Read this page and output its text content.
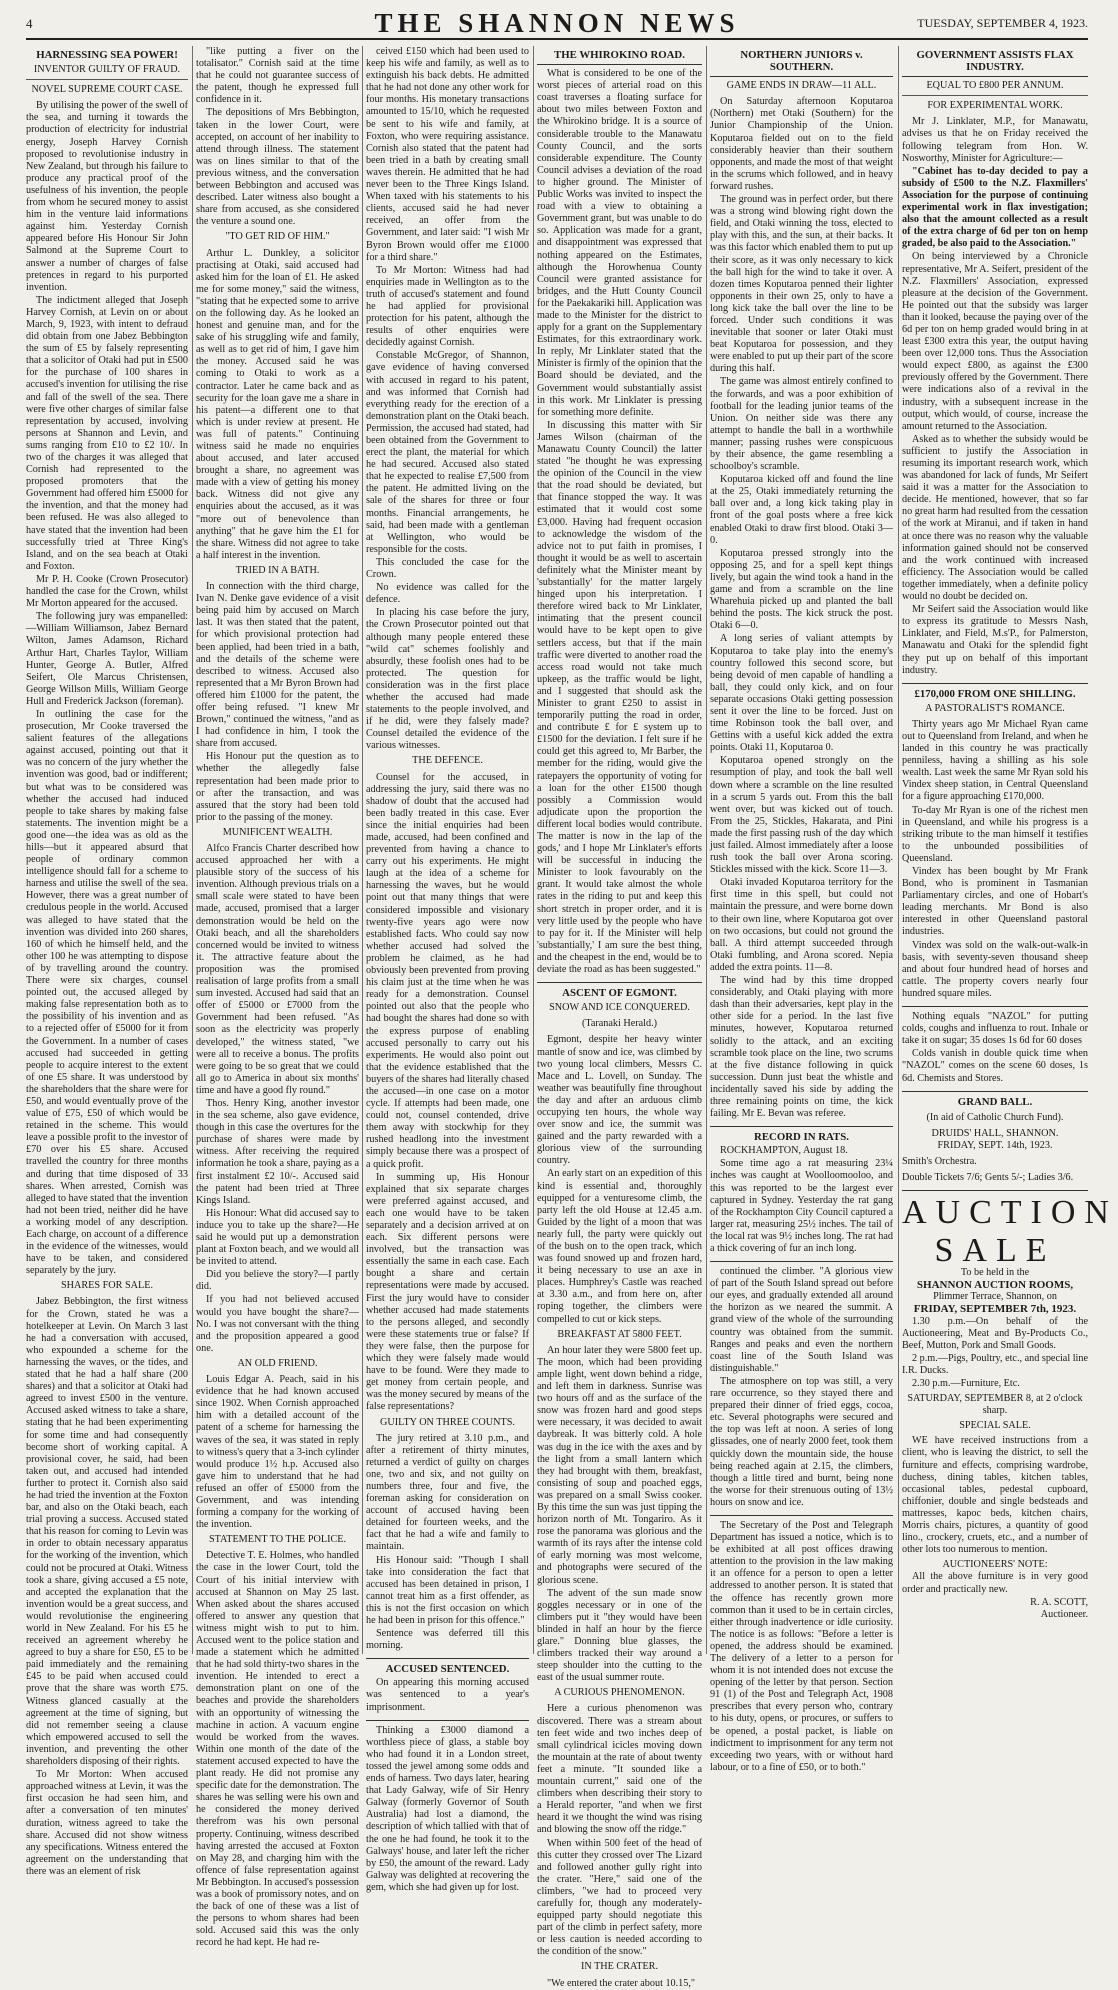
4	THE SHANNON NEWS	TUESDAY, SEPTEMBER 4, 1923.
HARNESSING SEA POWER!
INVENTOR GUILTY OF FRAUD.
NOVEL SUPREME COURT CASE.

By utilising the power of the swell of the sea, and turning it towards the production of electricity for industrial energy, Joseph Harvey Cornish proposed to revolutionise industry in New Zealand, but through his failure to produce any practical proof of the usefulness of his invention, the people from whom he secured money to assist him in the venture laid informations against him. Yesterday Cornish appeared before His Honour Sir John Salmond at the Supreme Court to answer a number of charges of false pretences in regard to his purported invention.

The indictment alleged that Joseph Harvey Cornish, at Levin on or about March, 9, 1923, with intent to defraud did obtain from one Jabez Bebbington the sum of £5 by falsely representing that a solicitor of Otaki had put in £500 for the purchase of 100 shares in accused's invention for utilising the rise and fall of the swell of the sea. There were five other charges of similar false representation by accused, involving persons at Shannon and Levin, and sums ranging from £10 to £2 10/. In two of the charges it was alleged that Cornish had represented to the proposed promoters that the Government had offered him £5000 for the invention, and that the money had been refused. He was also alleged to have stated that the invention had been successfully tried at Three King's Island, and on the sea beach at Otaki and Foxton.

Mr P. H. Cooke (Crown Prosecutor) handled the case for the Crown, whilst Mr Morton appeared for the accused.

The following jury was empanelled:—William Williamson, Jabez Bernard Wilton, James Adamson, Richard Arthur Hart, Charles Taylor, William Hunter, George A. Butler, Alfred Seifert, Ole Marcus Christensen, George Willson Mills, William George Hull and Frederick Jackson (foreman).

In outlining the case for the prosecution, Mr Cooke traversed the salient features of the allegations against accused, pointing out that it was no concern of the jury whether the invention was good, bad or indifferent; but what was to be considered was whether the accused had induced people to take shares by making false statements. The invention might be a good one—the idea was as old as the hills—but it appeared absurd that people of ordinary common intelligence should fall for a scheme to harness and utilise the swell of the sea. However, there was a great number of credulous people in the world. Accused was alleged to have stated that the invention was divided into 260 shares, 160 of which he himself held, and the other 100 he was attempting to dispose of by travelling around the country. There were six charges, counsel pointed out, the accused alleged by making false representation both as to the possibility of his invention and as to a rejected offer of £5000 for it from the Government. In a number of cases accused had succeeded in getting people to acquire interest to the extent of one £5 share. It was understood by the shareholders that the share were for £50, and would eventually prove of the value of £75, £50 of which would be retained in the scheme. This would leave a possible profit to the investor of £70 over his £5 share. Accused travelled the country for three months and during that time disposed of 33 shares. When arrested, Cornish was alleged to have stated that the invention had not been tried, neither did he have a working model of any description. Each charge, on account of a difference in the evidence of the witnesses, would have to be taken, and considered separately by the jury.

SHARES FOR SALE.

Jabez Bebbington, the first witness for the Crown, stated he was a hotelkeeper at Levin. On March 3 last he had a conversation with accused, who expounded a scheme for the harnessing the waves, or the tides, and stated that he had a half share (200 shares) and that a solicitor at Otaki had agreed to invest £500 in the venture. Accused asked witness to take a share, stating that he had been experimenting for some time and had consequently become short of working capital. A provisional cover, he said, had been taken out, and accused had intended further to protect it. Cornish also said he had tried the invention at the Foxton bar, and also on the Otaki beach, each trial proving a success. Accused stated that his reason for coming to Levin was in order to obtain necessary apparatus for the working of the invention, which could not be procured at Otaki. Witness took a share, giving accused a £5 note, and accepted the explanation that the invention would be a great success, and would revolutionise the engineering world in New Zealand. For his £5 he received an agreement whereby he agreed to buy a share for £50, £5 to be paid immediately and the remaining £45 to be paid when accused could prove that the share was worth £75. Witness glanced casually at the agreement at the time of signing, but did not remember seeing a clause which empowered accused to sell the invention, and preventing the other shareholders disposing of their rights.

To Mr Morton: When accused approached witness at Levin, it was the first occasion he had seen him, and after a conversation of ten minutes' duration, witness agreed to take the share. Accused did not show witness any specifications. Witness entered the agreement on the understanding that there was an element of risk

"like putting a fiver on the totalisator." Cornish said at the time that he could not guarantee success of the patent, though he expressed full confidence in it.

The depositions of Mrs Bebbington, taken in the lower Court, were accepted, on account of her inability to attend through illness. The statement was on lines similar to that of the previous witness, and the conversation between Bebbington and accused was described. Later witness also bought a share from accused, as she considered the venture a sound one.

"TO GET RID OF HIM."

Arthur L. Dunkley, a solicitor practising at Otaki, said accused had asked him for the loan of £1. He asked me for some money," said the witness, "stating that he expected some to arrive on the following day. As he looked an honest and genuine man, and for the sake of his struggling wife and family, as well as to get rid of him, I gave him the money. Accused said he was coming to Otaki to work as a contractor. Later he came back and as security for the loan gave me a share in his patent—a different one to that which is under review at present. He was full of patents." Continuing witness said he made no enquiries about accused, and later accused brought a share, no agreement was made with a view of getting his money back. Witness did not give any enquiries about the accused, as it was "more out of benevolence than anything" that he gave him the £1 for the share. Witness did not agree to take a half interest in the invention.

TRIED IN A BATH.

In connection with the third charge, Ivan N. Denke gave evidence of a visit being paid him by accused on March last. It was then stated that the patent, for which provisional protection had been applied, had been tried in a bath, and the details of the scheme were described to witness. Accused also represented that a Mr Byron Brown had offered him £1000 for the patent, the offer being refused. "I knew Mr Brown," continued the witness, "and as I had confidence in him, I took the share from accused.

His Honour put the question as to whether the allegedly false representation had been made prior to or after the transaction, and was assured that the story had been told prior to the passing of the money.

MUNIFICENT WEALTH.

Alfco Francis Charter described how accused approached her with a plausible story of the success of his invention. Although previous trials on a small scale were stated to have been made, accused, promised that a larger demonstration would be held on the Otaki beach, and all the shareholders concerned would be invited to witness it. The attractive feature about the proposition was the promised realisation of large profits from a small sum invested. Accused had said that an offer of £5000 or £7000 from the Government had been refused. "As soon as the electricity was properly developed," the witness stated, "we were all to receive a bonus. The profits were going to be so great that we could all go to America in about six months' time and have a good fly round."

Thos. Henry King, another investor in the sea scheme, also gave evidence, though in this case the overtures for the purchase of shares were made by witness. After receiving the required information he took a share, paying as a first instalment £2 10/-. Accused said the patent had been tried at Three Kings Island.

His Honour: What did accused say to induce you to take up the share?—He said he would put up a demonstration plant at Foxton beach, and we would all be invited to attend.

Did you believe the story?—I partly did.

If you had not believed accused would you have bought the share?—No. I was not conversant with the thing and the proposition appeared a good one.

AN OLD FRIEND.

Louis Edgar A. Peach, said in his evidence that he had known accused since 1902. When Cornish approached him with a detailed account of the patent of a scheme for harnessing the waves of the sea, it was stated in reply to witness's query that a 3-inch cylinder would produce 1½ h.p. Accused also gave him to understand that he had refused an offer of £5000 from the Government, and was intending forming a company for the working of the invention.

STATEMENT TO THE POLICE.

Detective T. E. Holmes, who handled the case in the lower Court, told the Court of his initial interview with accused at Shannon on May 25 last. When asked about the shares accused offered to answer any question that witness might wish to put to him. Accused went to the police station and made a statement which he admitted that he had sold thirty-two shares in the invention. He intended to erect a demonstration plant on one of the beaches and provide the shareholders with an opportunity of witnessing the machine in action. A vacuum engine would be worked from the waves. Within one month of the date of the statement accused expected to have the plant ready. He did not promise any specific date for the demonstration. The shares he was selling were his own and he considered the money derived therefrom was his own personal property. Continuing, witness described having arrested the accused at Foxton on May 28, and charging him with the offence of false representation against Mr Bebbington. In accused's possession was a book of promissory notes, and on the back of one of these was a list of the persons to whom shares had been sold. Accused said this was the only record he had kept. He had re-

ceived £150 which had been used to keep his wife and family, as well as to extinguish his back debts. He admitted that he had not done any other work for four months. His monetary transactions amounted to 15/10, which he requested be sent to his wife and family, at Foxton, who were requiring assistance. Cornish also stated that the patent had been tried in a bath by creating small waves therein. He admitted that he had never been to the Three Kings Island. When taxed with his statements to his clients, accused said he had never received, an offer from the Government, and later said: "I wish Mr Byron Brown would offer me £1000 for a third share."

To Mr Morton: Witness had had enquiries made in Wellington as to the truth of accused's statement and found he had applied for provisional protection for his patent, although the results of other enquiries were decidedly against Cornish.

Constable McGregor, of Shannon, gave evidence of having conversed with accused in regard to his patent, and was informed that Cornish had everything ready for the erection of a demonstration plant on the Otaki beach. Permission, the accused had stated, had been obtained from the Government to erect the plant, the material for which he had secured. Accused also stated that he expected to realise £7,500 from the patent. He admitted living on the sale of the shares for three or four months. Financial arrangements, he said, had been made with a gentleman at Wellington, who would be responsible for the costs.

This concluded the case for the Crown.

No evidence was called for the defence.

In placing his case before the jury, the Crown Prosecutor pointed out that although many people entered these "wild cat" schemes foolishly and absurdly, these foolish ones had to be protected. The question for consideration was in the first place whether the accused had made statements to the people involved, and if he did, were they falsely made? Counsel detailed the evidence of the various witnesses.

THE DEFENCE.

Counsel for the accused, in addressing the jury, said there was no shadow of doubt that the accused had been badly treated in this case. Ever since the initial enquiries had been made, accused, had been confined and prevented from having a chance to carry out his experiments. He might laugh at the idea of a scheme for harnessing the waves, but he would point out that many things that were considered impossible and visionary twenty-five years ago were now established facts. Who could say now whether accused had solved the problem he claimed, as he had obviously been prevented from proving his claim just at the time when he was ready for a demonstration. Counsel pointed out also that the people who had bought the shares had done so with the express purpose of enabling accused personally to carry out his experiments. He would also point out that the evidence established that the buyers of the shares had literally chased the accused—in one case on a motor cycle. If attempts had been made, one could not, counsel contended, drive them away with stockwhip for they rushed headlong into the investment simply because there was a prospect of a quick profit.

In summing up, His Honour explained that six separate charges were preferred against accused, and each one would have to be taken separately and a decision arrived at on each. Six different persons were involved, but the transaction was essentially the same in each case. Each bought a share and certain representations were made by accused. First the jury would have to consider whether accused had made statements to the persons alleged, and secondly were these statements true or false? If they were false, then the purpose for which they were falsely made would have to be found. Were they made to get money from certain people, and was the money secured by means of the false representations?

GUILTY ON THREE COUNTS.

The jury retired at 3.10 p.m., and after a retirement of thirty minutes, returned a verdict of guilty on charges one, two and six, and not guilty on numbers three, four and five, the foreman asking for consideration on account of accused having been detained for fourteen weeks, and the fact that he had a wife and family to maintain.

His Honour said: "Though I shall take into consideration the fact that accused has been detained in prison, I cannot treat him as a first offender, as this is not the first occasion on which he had been in prison for this offence."

Sentence was deferred till this morning.

ACCUSED SENTENCED.

On appearing this morning accused was sentenced to a year's imprisonment.

Thinking a £3000 diamond a worthless piece of glass, a stable boy who had found it in a London street, tossed the jewel among some odds and ends of harness. Two days later, hearing that Lady Galway, wife of Sir Henry Galway (formerly Governor of South Australia) had lost a diamond, the description of which tallied with that of the one he had found, he took it to the Galways' house, and later left the richer by £50, the amount of the reward. Lady Galway was delighted at recovering the gem, which she had given up for lost.

THE WHIROKINO ROAD.

What is considered to be one of the worst pieces of arterial road on this coast traverses a floating surface for about two miles between Foxton and the Whirokino bridge. It is a source of considerable trouble to the Manawatu County Council, and the sorts considerable expenditure. The County Council advises a deviation of the road to higher ground. The Minister of Public Works was invited to inspect the road with a view to obtaining a Government grant, but was unable to do so. Application was made for a grant, and disappointment was expressed that nothing appeared on the Estimates, although the Horowhenua County Council were granted assistance for bridges, and the Hutt County Council for the Paekakariki hill. Application was made to the Minister for the district to apply for a grant on the Supplementary Estimates, for this extraordinary work. In reply, Mr Linklater stated that the Minister is firmly of the opinion that the Board should be deviated, and the Government would substantially assist in this work. Mr Linklater is pressing for something more definite.

In discussing this matter with Sir James Wilson (chairman of the Manawatu County Council) the latter stated "he thought he was expressing the opinion of the Council in the view that the road should be deviated, but that finance stopped the way. It was estimated that it would cost some £3,000. Having had frequent occasion to acknowledge the wisdom of the advice not to put faith in promises, I thought it would be as well to ascertain definitely what the Minister meant by 'substantially' for the matter largely hinged upon his interpretation. I therefore wired back to Mr Linklater, intimating that the present council would have to be kept open to give settlers access, but that if the main traffic were diverted to another road the access road would not take much upkeep, as the traffic would be light, and I suggested that should ask the Minister to grant £250 to assist in temporarily putting the road in order, and contribute £ for £ system up to £1500 for the deviation. I felt sure if he could get this agreed to, Mr Barber, the member for the riding, would give the ratepayers the opportunity of voting for a loan for the other £1500 though possibly a Commission would adjudicate upon the proportion the different local bodies would contribute. The matter is now in the lap of the gods,' and I hope Mr Linklater's efforts will be successful in inducing the Minister to look favourably on the grant. It would take almost the whole rates in the riding to put and keep this short stretch in proper order, and it is very little used by the people who have to pay for it. If the Minister will help 'substantially,' I am sure the best thing, and the cheapest in the end, would be to deviate the road as has been suggested."

ASCENT OF EGMONT.
SNOW AND ICE CONQUERED.
(Taranaki Herald.)

Egmont, despite her heavy winter mantle of snow and ice, was climbed by two young local climbers, Messrs C. Mace and L. Lovell, on Sunday. The weather was beautifully fine throughout the day and after an arduous climb occupying ten hours, the whole way over snow and ice, the summit was gained and the party rewarded with a glorious view of the surrounding country.

An early start on an expedition of this kind is essential and, thoroughly equipped for a venturesome climb, the party left the old House at 12.45 a.m. Guided by the light of a moon that was nearly full, the party were quickly out of the bush on to the open track, which was found snowed up and frozen hard, it being necessary to use an axe in places. Humphrey's Castle was reached at 3.30 a.m., and from here on, after roping together, the climbers were compelled to cut or kick steps.

BREAKFAST AT 5800 FEET.

An hour later they were 5800 feet up. The moon, which had been providing ample light, went down behind a ridge, and left them in darkness. Sunrise was two hours off and as the surface of the snow was frozen hard and good steps were necessary, it was decided to await daybreak. It was bitterly cold. A hole was dug in the ice with the axes and by the light from a small lantern which they had brought with them, breakfast, consisting of soup and poached eggs, was prepared on a small Swiss cooker. By this time the sun was just tipping the horizon north of Mt. Tongariro. As it rose the panorama was glorious and the warmth of its rays after the intense cold of early morning was most welcome, and photographs were secured of the glorious scene.

The advent of the sun made snow goggles necessary or in one of the climbers put it "they would have been blinded in half an hour by the fierce glare." Donning blue glasses, the climbers tracked their way around a steep shoulder into the cutting to the east of the usual summer route.

A CURIOUS PHENOMENON.

Here a curious phenomenon was discovered. There was a stream about ten feet wide and two inches deep of small cylindrical icicles moving down the mountain at the rate of about twenty feet a minute. "It sounded like a mountain current," said one of the climbers when describing their story to a Herald reporter, "and when we first heard it we thought the wind was rising and blowing the snow off the ridge."

When within 500 feet of the head of this cutter they crossed over The Lizard and followed another gully right into the crater. "Here," said one of the climbers, "we had to proceed very carefully for, though any moderately-equipped party should negotiate this part of the climb in perfect safety, more or less caution is needed according to the condition of the snow."

IN THE CRATER.

"We entered the crater about 10.15,"

NORTHERN JUNIORS v. SOUTHERN.
GAME ENDS IN DRAW—11 ALL.

On Saturday afternoon Koputaroa (Northern) met Otaki (Southern) for the Junior Championship of the Union. Koputaroa fielded out on to the field considerably heavier than their southern opponents, and made the most of that weight in the scrums which followed, and in heavy forward rushes.

The ground was in perfect order, but there was a strong wind blowing right down the field, and Otaki winning the toss, elected to play with this, and the sun, at their backs. It was this factor which enabled them to put up their score, as it was only necessary to kick the ball high for the wind to take it over. A dozen times Koputaroa penned their lighter opponents in their own 25, only to have a long kick take the ball over the line to be forced. Under such conditions it was inevitable that sooner or later Otaki must beat Koputaroa for possession, and they were enabled to put up their part of the score during this half.

The game was almost entirely confined to the forwards, and was a poor exhibition of football for the leading junior teams of the Union. On neither side was there any attempt to handle the ball in a worthwhile manner; passing rushes were conspicuous by their absence, the game resembling a schoolboy's scramble.

Koputaroa kicked off and found the line at the 25, Otaki immediately returning the ball over and, a long kick taking play in front of the goal posts where a free kick enabled Otaki to draw first blood. Otaki 3—0.

Koputaroa pressed strongly into the opposing 25, and for a spell kept things lively, but again the wind took a hand in the game and from a scramble on the line Wharehuia picked up and planted the ball behind the posts. The kick struck the post. Otaki 6—0.

A long series of valiant attempts by Koputaroa to take play into the enemy's country followed this second score, but being devoid of men capable of handling a ball, they could only kick, and on four separate occasions Otaki getting possession sent it over the line to be forced. Just on time Robinson took the ball over, and Gettins with a useful kick added the extra points. Otaki 11, Koputaroa 0.

Koputaroa opened strongly on the resumption of play, and took the ball well down where a scramble on the line resulted in a scrum 5 yards out. From this the ball went over, but was kicked out of touch. From the 25, Stickles, Hakarata, and Pini made the first passing rush of the day which just failed. Almost immediately after a loose rush took the ball over Arona scoring. Stickles missed with the kick. Score 11—3.

Otaki invaded Koputaroa territory for the first time in this spell, but could not maintain the pressure, and were borne down to their own line, where Koputaroa got over on two occasions, but could not ground the ball. A third attempt succeeded through Otaki fumbling, and Arona scored. Nepia added the extra points. 11—8.

The wind had by this time dropped considerably, and Otaki playing with more dash than their adversaries, kept play in the other side for a period. In the last five minutes, however, Koputaroa returned solidly to the attack, and an exciting scramble took place on the line, two scrums at the five distance following in quick succession. Dunn just beat the whistle and incidentally saved his side by adding the three remaining points on time, the kick failing. Mr E. Bevan was referee.

RECORD IN RATS.

ROCKHAMPTON, August 18.

Some time ago a rat measuring 23¼ inches was caught at Woolloomooloo, and this was reported to be the largest ever captured in Sydney. Yesterday the rat gang of the Rockhampton City Council captured a larger rat, measuring 25½ inches. The tail of the local rat was 9½ inches long. The rat had a thick covering of fur an inch long.

continued the climber. "A glorious view of part of the South Island spread out before our eyes, and gradually extended all around the horizon as we neared the summit. A grand view of the whole of the surrounding country was obtained from the summit. Ranges and peaks and even the northern coast line of the South Island was distinguishable."

The atmosphere on top was still, a very rare occurrence, so they stayed there and prepared their dinner of fried eggs, cocoa, etc. Several photographs were secured and the top was left at noon. A series of long glissades, one of nearly 2000 feet, took them quickly down the mountain side, the house being reached again at 2.15, the climbers, though a little tired and burnt, being none the worse for their strenuous outing of 13½ hours on snow and ice.

The Secretary of the Post and Telegraph Department has issued a notice, which is to be exhibited at all post offices drawing attention to the provision in the law making it an offence for a person to open a letter addressed to another person. It is stated that the offence has recently grown more common than it used to be in certain circles, either through inadvertence or idle curiosity. The notice is as follows: "Before a letter is opened, the address should be examined. The delivery of a letter to a person for whom it is not intended does not excuse the opening of the letter by that person. Section 91 (1) of the Post and Telegraph Act, 1908 prescribes that every person who, contrary to his duty, opens, or procures, or suffers to be opened, a postal packet, is liable on indictment to imprisonment for any term not exceeding two years, with or without hard labour, or to a fine of £50, or to both."

GOVERNMENT ASSISTS FLAX INDUSTRY.
EQUAL TO £800 PER ANNUM.
FOR EXPERIMENTAL WORK.

Mr J. Linklater, M.P., for Manawatu, advises us that he on Friday received the following telegram from Hon. W. Nosworthy, Minister for Agriculture:—

"Cabinet has to-day decided to pay a subsidy of £500 to the N.Z. Flaxmillers' Association for the purpose of continuing experimental work in flax investigation; also that the amount collected as a result of the extra charge of 6d per ton on hemp graded, be also paid to the Association."

On being interviewed by a Chronicle representative, Mr A. Seifert, president of the N.Z. Flaxmillers' Association, expressed pleasure at the decision of the Government. He pointed out that the subsidy was larger than it looked, because the paying over of the 6d per ton on hemp graded would bring in at least £300 extra this year, the output having been over 12,000 tons. Thus the Association would expect £800, as against the £300 previously offered by the Government. There were indications also of a revival in the industry, with a subsequent increase in the output, which would, of course, increase the amount returned to the Association.

Asked as to whether the subsidy would be sufficient to justify the Association in resuming its important research work, which was abandoned for lack of funds, Mr Seifert said it was a matter for the Association to decide. He mentioned, however, that so far no great harm had resulted from the cessation of the work at Miranui, and if taken in hand at once there was no reason why the valuable information gained should not be conserved and the work continued with increased efficiency. The Association would be called together immediately, when a definite policy would no doubt be decided on.

Mr Seifert said the Association would like to express its gratitude to Messrs Nash, Linklater, and Field, M.s'P., for Palmerston, Manawatu and Otaki for the splendid fight they put up on behalf of this important industry.

£170,000 FROM ONE SHILLING.
A PASTORALIST'S ROMANCE.

Thirty years ago Mr Michael Ryan came out to Queensland from Ireland, and when he landed in this country he was practically penniless, having a shilling as his sole wealth. Last week the same Mr Ryan sold his Vindex sheep station, in Central Queensland for a figure approaching £170,000.

To-day Mr Ryan is one of the richest men in Queensland, and while his progress is a striking tribute to the man himself it testifies to the unbounded possibilities of Queensland.

Vindex has been bought by Mr Frank Bond, who is prominent in Tasmanian Parliamentary circles, and one of Hobart's leading merchants. Mr Bond is also interested in other Queensland pastoral industries.

Vindex was sold on the walk-out-walk-in basis, with seventy-seven thousand sheep and about four hundred head of horses and cattle. The property covers nearly four hundred square miles.

Nothing equals "NAZOL" for putting colds, coughs and influenza to rout. Inhale or take it on sugar; 35 doses 1s 6d for 60 doses

Colds vanish in double quick time when "NAZOL" comes on the scene 60 doses, 1s 6d. Chemists and Stores.

GRAND BALL.
(In aid of Catholic Church Fund).
DRUIDS' HALL, SHANNON.
FRIDAY, SEPT. 14th, 1923.
Smith's Orchestra.
Double Tickets 7/6; Gents 5/-; Ladies 3/6.
AUCTION
SALE
To be held in the
SHANNON AUCTION ROOMS,
Plimmer Terrace, Shannon, on
FRIDAY, SEPTEMBER 7th, 1923.

1.30 p.m.—On behalf of the Auctioneering, Meat and By-Products Co., Beef, Mutton, Pork and Small Goods.

2 p.m.—Pigs, Poultry, etc., and special line I.R. Ducks.

2.30 p.m.—Furniture, Etc.

SATURDAY, SEPTEMBER 8, at 2 o'clock sharp.
SPECIAL SALE.

WE have received instructions from a client, who is leaving the district, to sell the furniture and effects, comprising wardrobe, duchess, dining tables, kitchen tables, occasional tables, pedestal cupboard, chiffonier, double and single bedsteads and mattresses, kapoc beds, kitchen chairs, Morris chairs, pictures, a quantity of good lino., crockery, cruets, etc., and a number of other lots too numerous to mention.

AUCTIONEERS' NOTE:

All the above furniture is in very good order and practically new.

R. A. SCOTT,
Auctioneer.
